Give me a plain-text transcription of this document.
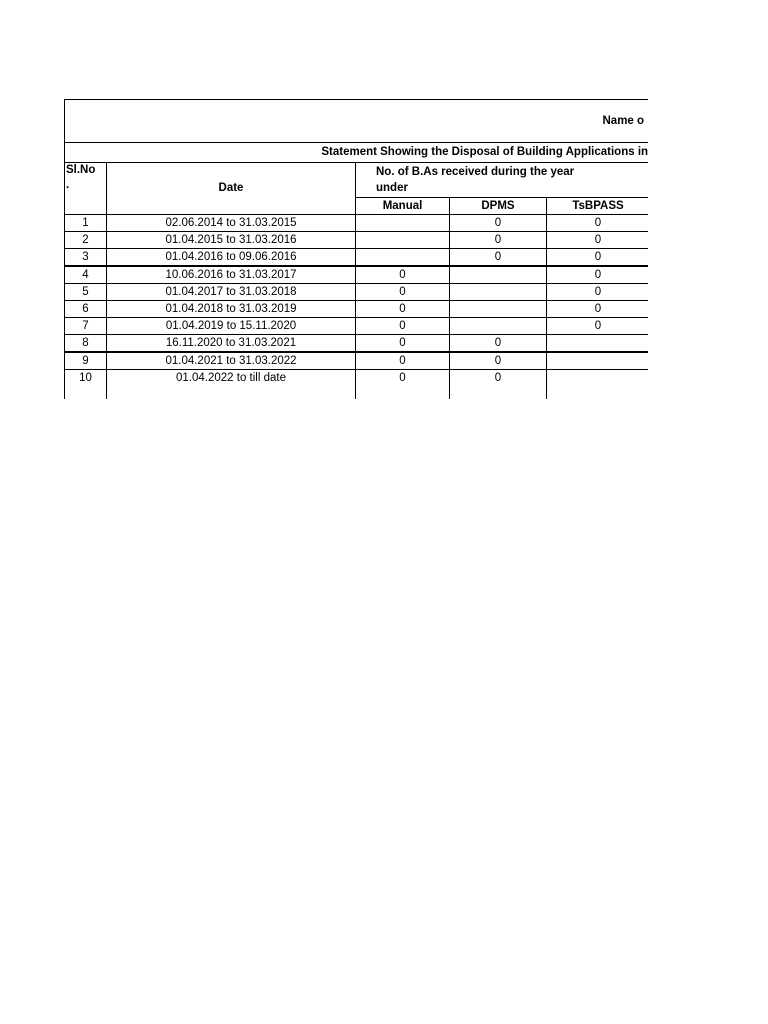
Name o					
Statement Showing the Disposal of Building Applications in					

Sl.No
.	Date	No. of B.As received during the year under			

		Manual	DPMS	TsBPASS	
1	02.06.2014 to 31.03.2015		0	0	
2	01.04.2015 to 31.03.2016		0	0	
3	01.04.2016 to 09.06.2016		0	0	
4	10.06.2016 to 31.03.2017	0		0	
5	01.04.2017 to 31.03.2018	0		0	
6	01.04.2018 to 31.03.2019	0		0	
7	01.04.2019 to 15.11.2020	0		0	
8	16.11.2020 to 31.03.2021	0	0		
9	01.04.2021 to 31.03.2022	0	0		
10	01.04.2022 to till date	0	0		
